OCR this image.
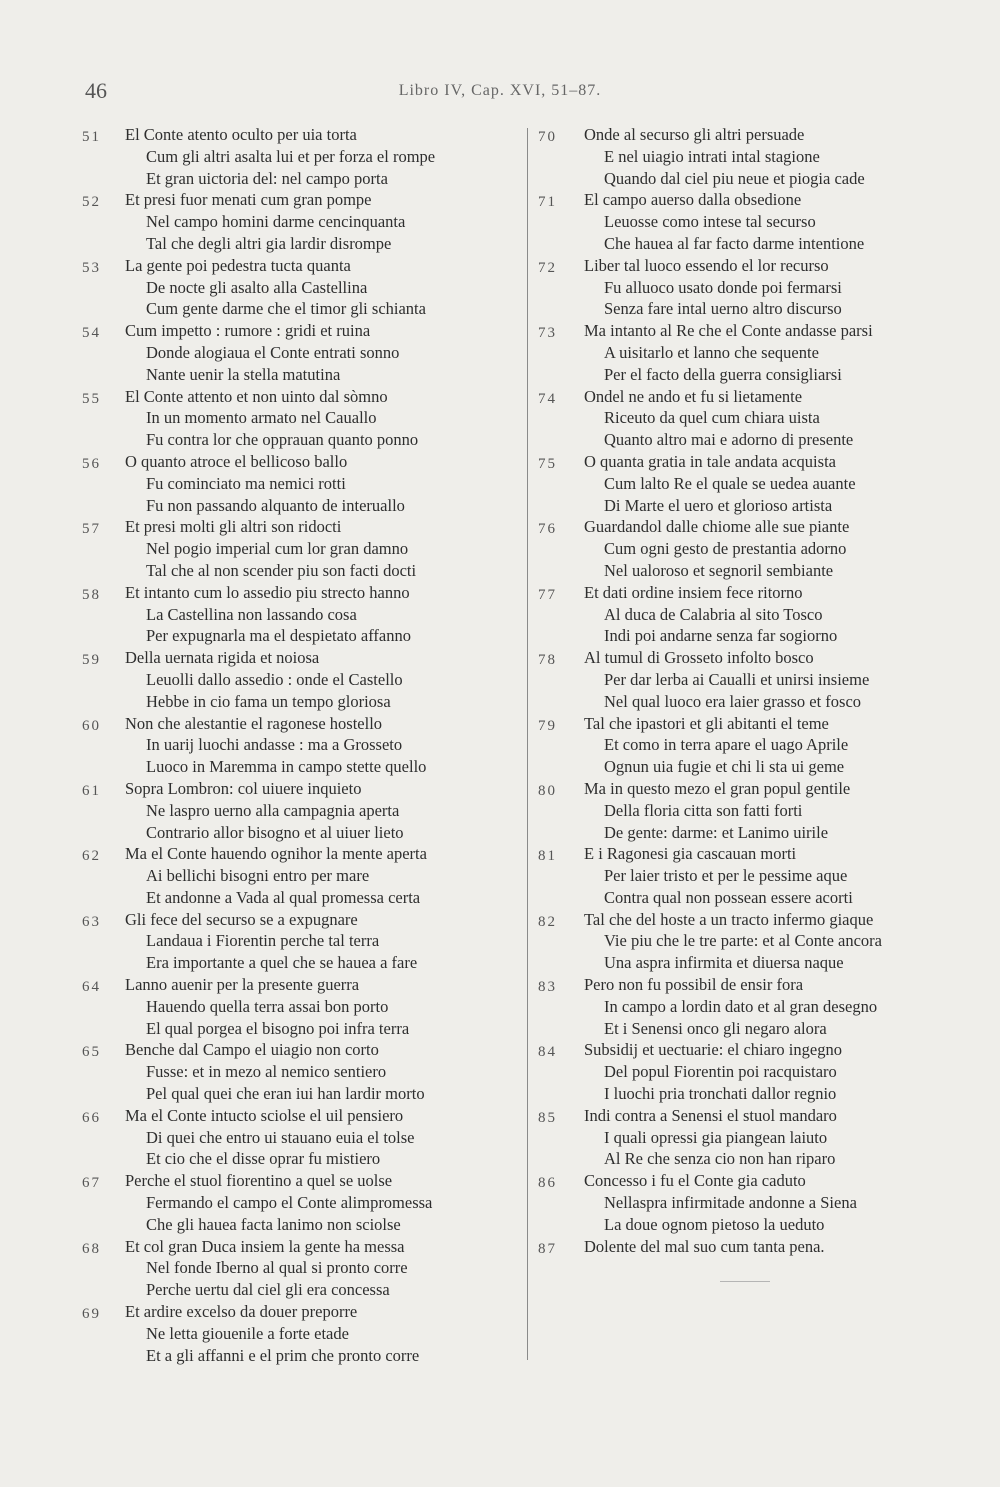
46	Libro IV, Cap. XVI, 51–87.
51 El Conte atento oculto per uia torta
Cum gli altri asalta lui et per forza el rompe
Et gran uictoria del: nel campo porta
52 Et presi fuor menati cum gran pompe
Nel campo homini darme cencinquanta
Tal che degli altri gia lardir disrompe
53 La gente poi pedestra tucta quanta
De nocte gli asalto alla Castellina
Cum gente darme che el timor gli schianta
54 Cum impetto : rumore : gridi et ruina
Donde alogiaua el Conte entrati sonno
Nante uenir la stella matutina
55 El Conte attento et non uinto dal sòmno
In un momento armato nel Cauallo
Fu contra lor che opprauan quanto ponno
56 O quanto atroce el bellicoso ballo
Fu cominciato ma nemici rotti
Fu non passando alquanto de interuallo
57 Et presi molti gli altri son ridocti
Nel pogio imperial cum lor gran damno
Tal che al non scender piu son facti docti
58 Et intanto cum lo assedio piu strecto hanno
La Castellina non lassando cosa
Per expugnarla ma el despietato affanno
59 Della uernata rigida et noiosa
Leuolli dallo assedio : onde el Castello
Hebbe in cio fama un tempo gloriosa
60 Non che alestantie el ragonese hostello
In uarij luochi andasse : ma a Grosseto
Luoco in Maremma in campo stette quello
61 Sopra Lombron: col uiuere inquieto
Ne laspro uerno alla campagnia aperta
Contrario allor bisogno et al uiuer lieto
62 Ma el Conte hauendo ognihor la mente aperta
Ai bellichi bisogni entro per mare
Et andonne a Vada al qual promessa certa
63 Gli fece del securso se a expugnare
Landaua i Fiorentin perche tal terra
Era importante a quel che se hauea a fare
64 Lanno auenir per la presente guerra
Hauendo quella terra assai bon porto
El qual porgea el bisogno poi infra terra
65 Benche dal Campo el uiagio non corto
Fusse: et in mezo al nemico sentiero
Pel qual quei che eran iui han lardir morto
66 Ma el Conte intucto sciolse el uil pensiero
Di quei che entro ui stauano euia el tolse
Et cio che el disse oprar fu mistiero
67 Perche el stuol fiorentino a quel se uolse
Fermando el campo el Conte alimpromessa
Che gli hauea facta lanimo non sciolse
68 Et col gran Duca insiem la gente ha messa
Nel fonde Iberno al qual si pronto corre
Perche uertu dal ciel gli era concessa
69 Et ardire excelso da douer preporre
Ne letta giouenile a forte etade
Et a gli affanni e el prim che pronto corre
70 Onde al securso gli altri persuade
E nel uiagio intrati intal stagione
Quando dal ciel piu neue et piogia cade
71 El campo auerso dalla obsedione
Leuosse como intese tal securso
Che hauea al far facto darme intentione
72 Liber tal luoco essendo el lor recurso
Fu alluoco usato donde poi fermarsi
Senza fare intal uerno altro discurso
73 Ma intanto al Re che el Conte andasse parsi
A uisitarlo et lanno che sequente
Per el facto della guerra consigliarsi
74 Ondel ne ando et fu si lietamente
Riceuto da quel cum chiara uista
Quanto altro mai e adorno di presente
75 O quanta gratia in tale andata acquista
Cum lalto Re el quale se uedea auante
Di Marte el uero et glorioso artista
76 Guardandol dalle chiome alle sue piante
Cum ogni gesto de prestantia adorno
Nel ualoroso et segnoril sembiante
77 Et dati ordine insiem fece ritorno
Al duca de Calabria al sito Tosco
Indi poi andarne senza far sogiorno
78 Al tumul di Grosseto infolto bosco
Per dar lerba ai Caualli et unirsi insieme
Nel qual luoco era laier grasso et fosco
79 Tal che ipastori et gli abitanti el teme
Et como in terra apare el uago Aprile
Ognun uia fugie et chi li sta ui geme
80 Ma in questo mezo el gran popul gentile
Della floria citta son fatti forti
De gente: darme: et Lanimo uirile
81 E i Ragonesi gia cascauan morti
Per laier tristo et per le pessime aque
Contra qual non possean essere acorti
82 Tal che del hoste a un tracto infermo giaque
Vie piu che le tre parte: et al Conte ancora
Una aspra infirmita et diuersa naque
83 Pero non fu possibil de ensir fora
In campo a lordin dato et al gran desegno
Et i Senensi onco gli negaro alora
84 Subsidij et uectuarie: el chiaro ingegno
Del popul Fiorentin poi racquistaro
I luochi pria tronchati dallor regnio
85 Indi contra a Senensi el stuol mandaro
I quali opressi gia piangean laiuto
Al Re che senza cio non han riparo
86 Concesso i fu el Conte gia caduto
Nellaspra infirmitade andonne a Siena
La doue ognom pietoso la ueduto
87 Dolente del mal suo cum tanta pena.
